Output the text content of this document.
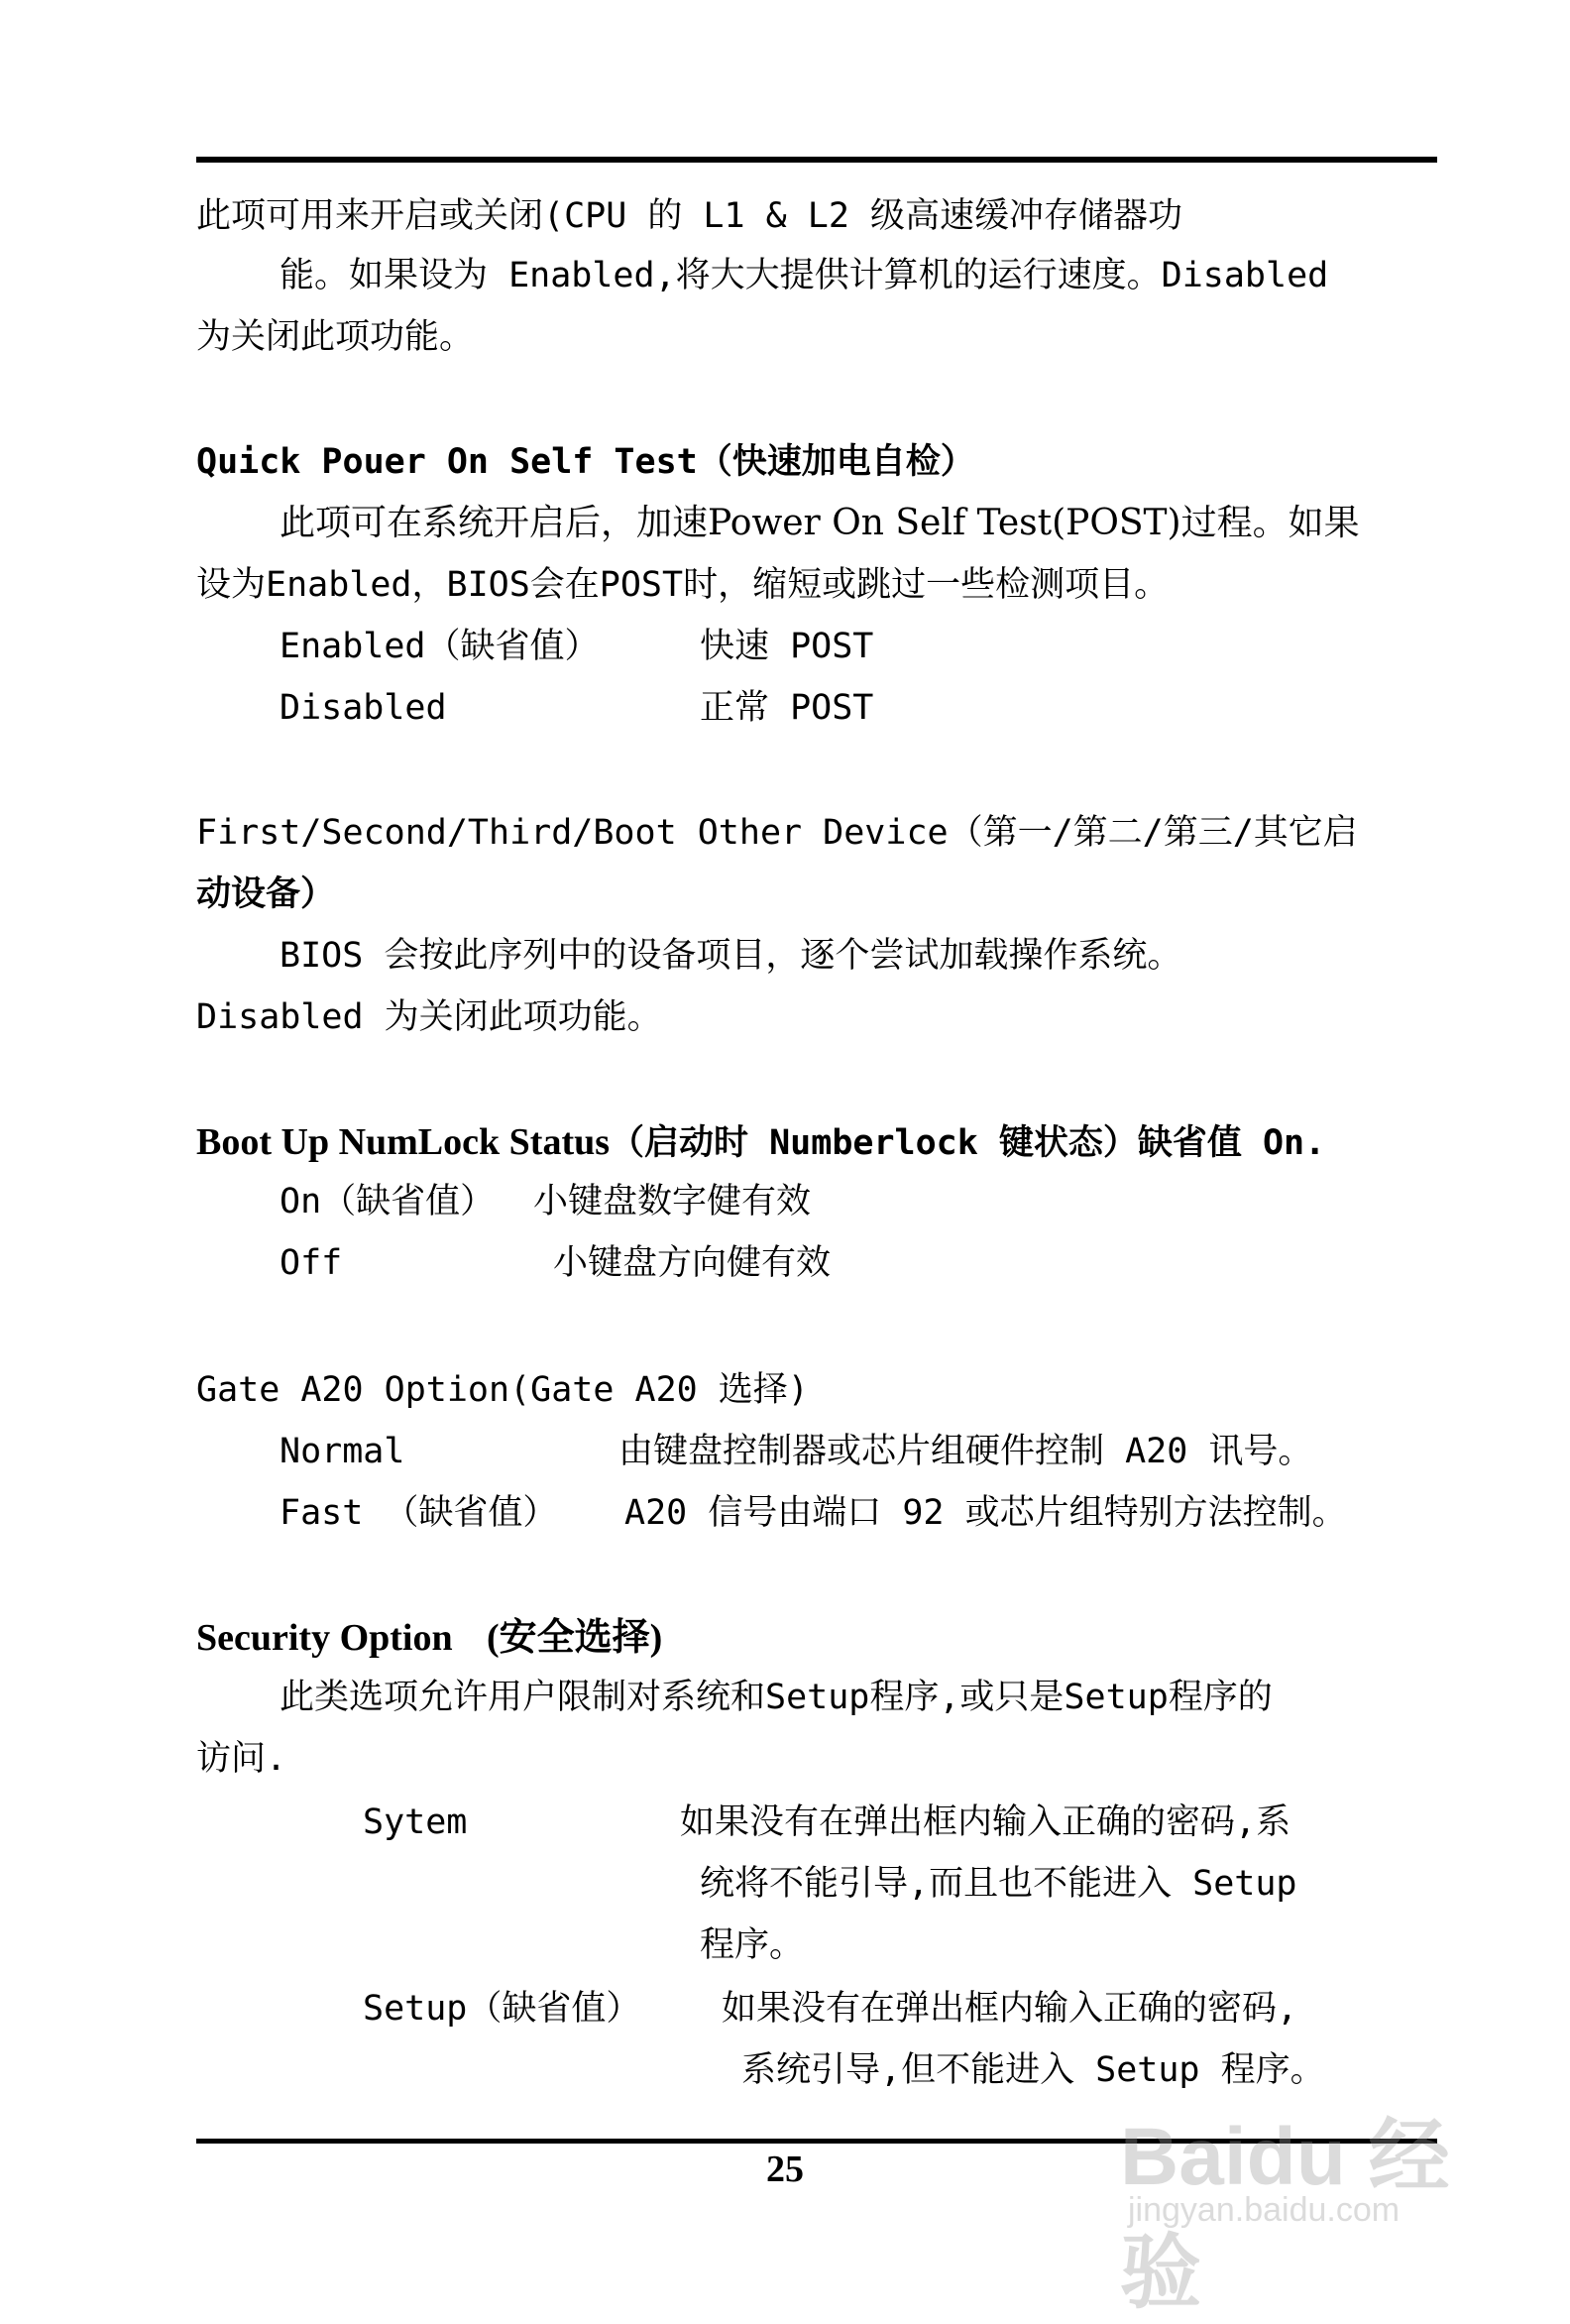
此项可用来开启或关闭(CPU 的 L1 & L2 级高速缓冲存储器功
能。如果设为 Enabled,将大大提供计算机的运行速度。Disabled
为关闭此项功能。
Quick Pouer On Self Test（快速加电自检）
此项可在系统开启后，加速Power On Self Test(POST)过程。如果
设为Enabled，BIOS会在POST时，缩短或跳过一些检测项目。
Enabled（缺省值）	快速 POST
Disabled	正常 POST
First/Second/Third/Boot Other Device（第一/第二/第三/其它启
动设备）
BIOS 会按此序列中的设备项目，逐个尝试加载操作系统。
Disabled 为关闭此项功能。
Boot Up NumLock Status（启动时 Numberlock 键状态）缺省值 On.
On（缺省值） 小键盘数字健有效
Off	小键盘方向健有效
Gate A20 Option(Gate A20 选择)
Normal	由键盘控制器或芯片组硬件控制 A20 讯号。
Fast （缺省值） A20 信号由端口 92 或芯片组特别方法控制。
Security Option (安全选择)
此类选项允许用户限制对系统和Setup程序,或只是Setup程序的
访问.
Sytem	如果没有在弹出框内输入正确的密码,系
统将不能引导,而且也不能进入 Setup
程序。
Setup（缺省值） 如果没有在弹出框内输入正确的密码,
系统引导,但不能进入 Setup 程序。
25	Baidu 经验
jingyan.baidu.com
